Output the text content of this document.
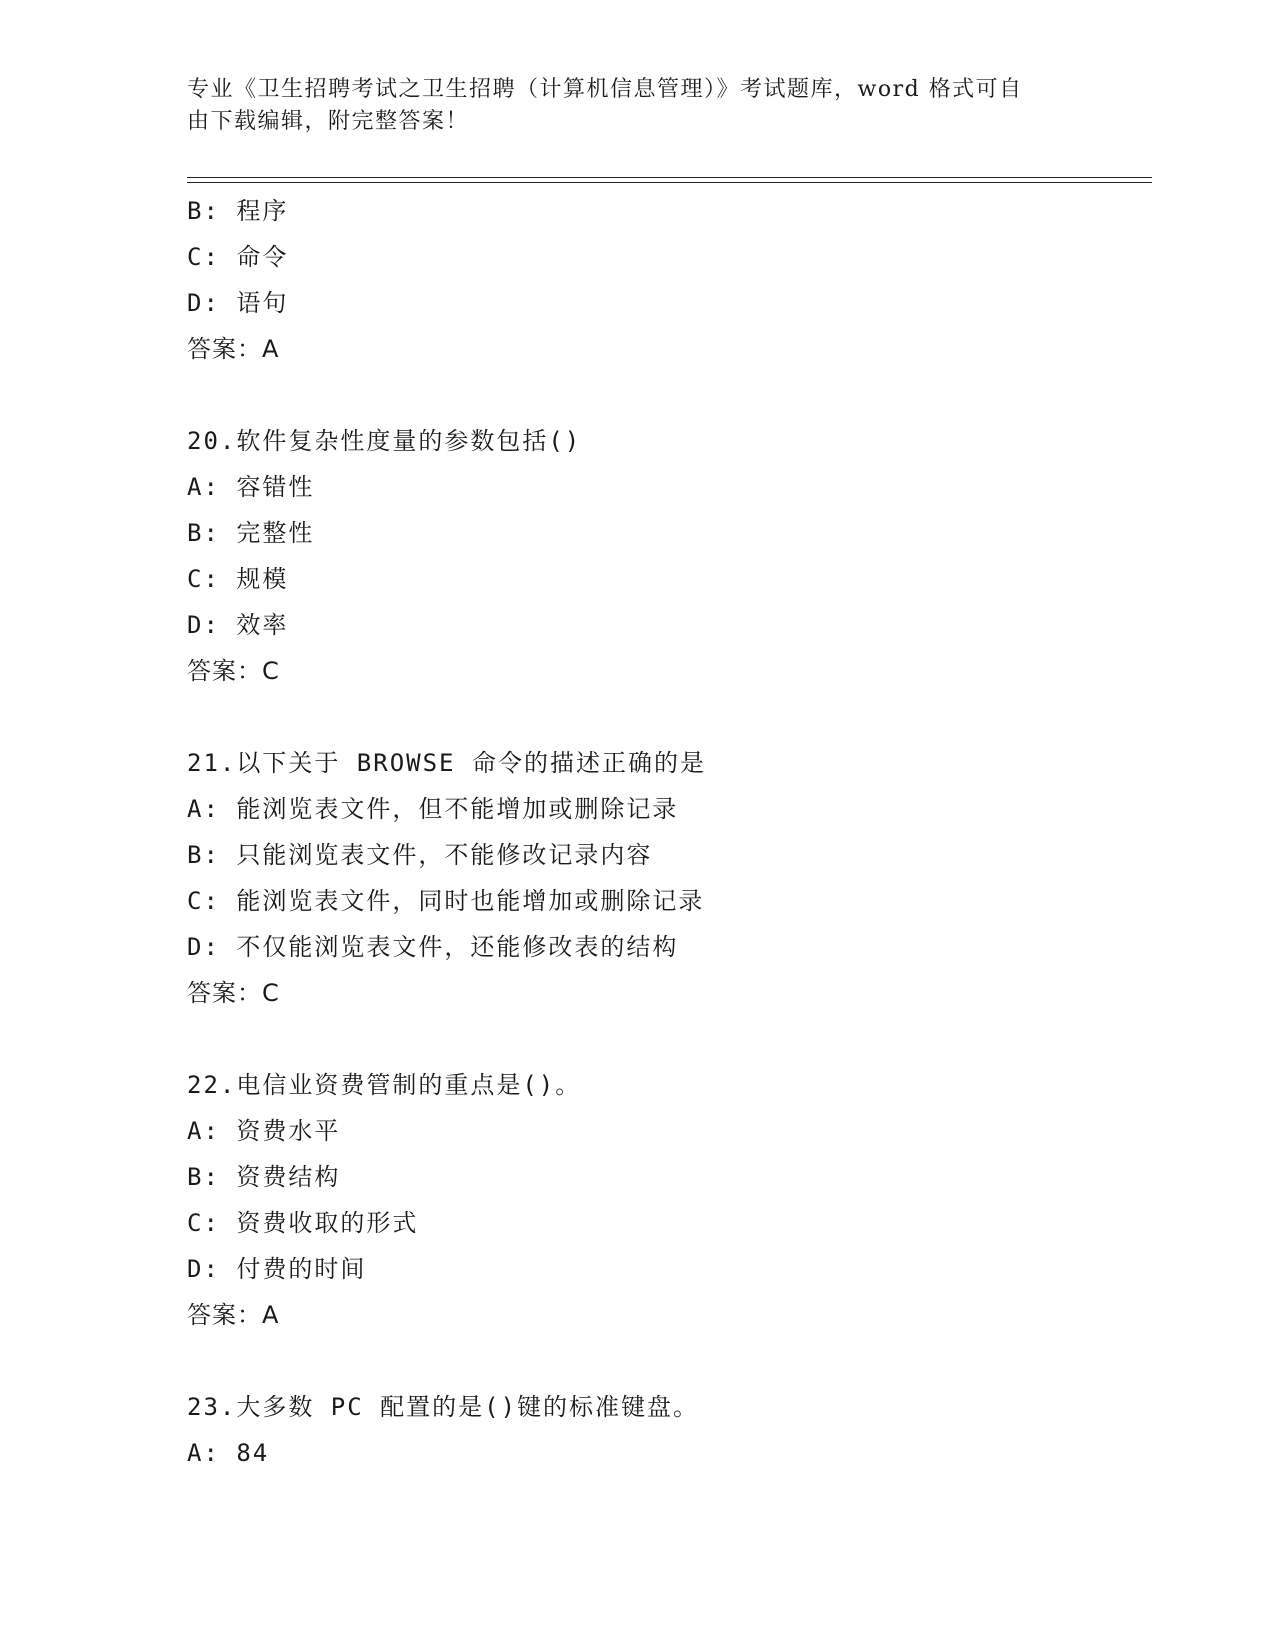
专业《卫生招聘考试之卫生招聘（计算机信息管理）》考试题库，word 格式可自
由下载编辑，附完整答案！
B: 程序
C: 命令
D: 语句
答案：A
20.软件复杂性度量的参数包括()
A: 容错性
B: 完整性
C: 规模
D: 效率
答案：C
21.以下关于 BROWSE 命令的描述正确的是
A: 能浏览表文件，但不能增加或删除记录
B: 只能浏览表文件，不能修改记录内容
C: 能浏览表文件，同时也能增加或删除记录
D: 不仅能浏览表文件，还能修改表的结构
答案：C
22.电信业资费管制的重点是()。
A: 资费水平
B: 资费结构
C: 资费收取的形式
D: 付费的时间
答案：A
23.大多数 PC 配置的是()键的标准键盘。
A: 84
